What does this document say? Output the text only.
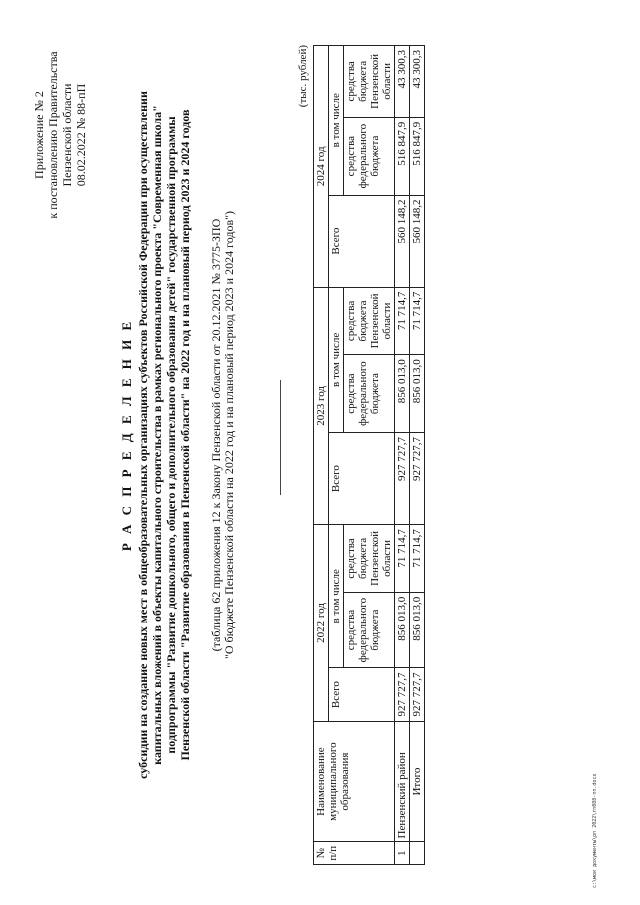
Приложение № 2 к постановлению Правительства Пензенской области 08.02.2022 № 88-пП
Р А С П Р Е Д Е Л Е Н И Е субсидии на создание новых мест в общеобразовательных организациях субъектов Российской Федерации при осуществлении капитальных вложений в объекты капитального строительства в рамках регионального проекта "Современная школа" подпрограммы "Развитие дошкольного, общего и дополнительного образования детей" государственной программы Пензенской области "Развитие образования в Пензенской области" на 2022 год и на плановый период 2023 и 2024 годов (таблица 62 приложения 12 к Закону Пензенской области от 20.12.2021 № 3775-ЗПО "О бюджете Пензенской области на 2022 год и на плановый период 2023 и 2024 годов")
(тыс. рублей)
№ п/п	Наименование муниципального образования	2022 год			2023 год			2024 год		
		Всего	в том числе		Всего	в том числе		Всего	в том числе	
			средства федерального бюджета	средства бюджета Пензенской области		средства федерального бюджета	средства бюджета Пензенской области		средства федерального бюджета	средства бюджета Пензенской области
1	Пензенский район	927 727,7	856 013,0	71 714,7	927 727,7	856 013,0	71 714,7	560 148,2	516 847,9	43 300,3
	Итого	927 727,7	856 013,0	71 714,7	927 727,7	856 013,0	71 714,7	560 148,2	516 847,9	43 300,3
c:\мои документы\рп 2022\rn088-пп.docx
